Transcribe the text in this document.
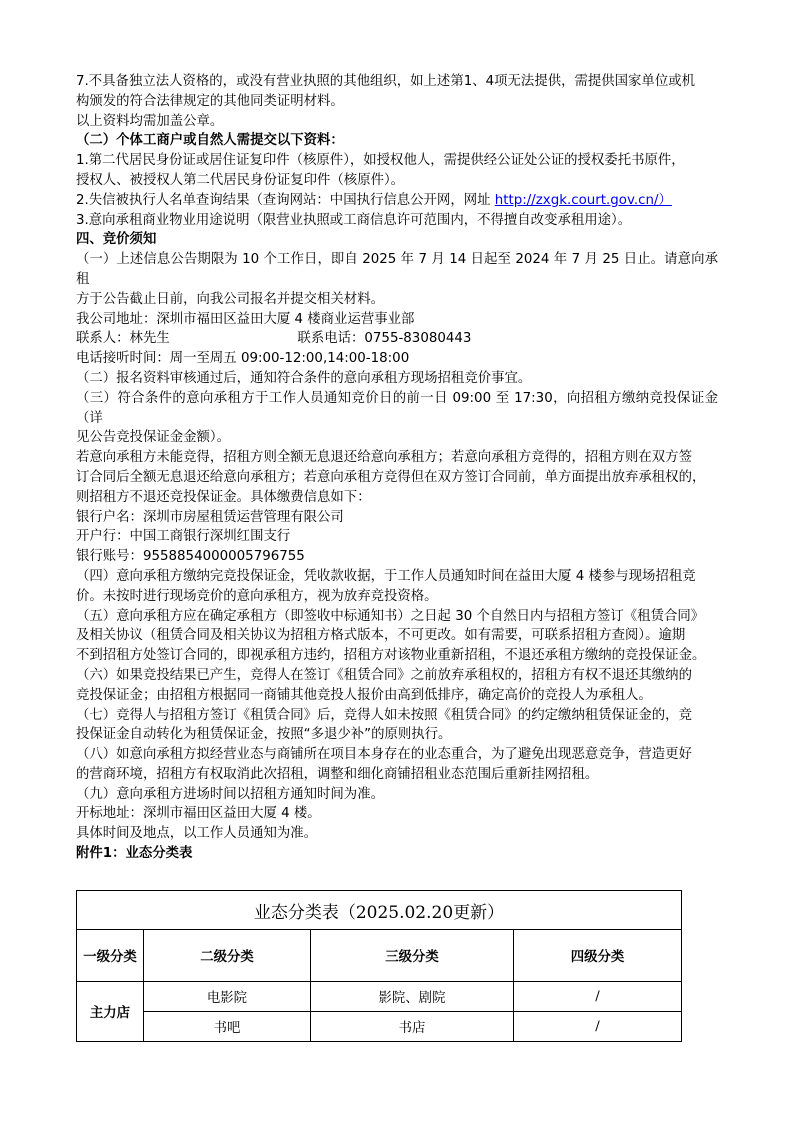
7.不具备独立法人资格的，或没有营业执照的其他组织，如上述第1、4项无法提供，需提供国家单位或机
构颁发的符合法律规定的其他同类证明材料。
以上资料均需加盖公章。
（二）个体工商户或自然人需提交以下资料：
1.第二代居民身份证或居住证复印件（核原件），如授权他人，需提供经公证处公证的授权委托书原件，
授权人、被授权人第二代居民身份证复印件（核原件）。
2.失信被执行人名单查询结果（查询网站：中国执行信息公开网，网址 http://zxgk.court.gov.cn/）
3.意向承租商业物业用途说明（限营业执照或工商信息许可范围内，不得擅自改变承租用途）。
四、竞价须知
（一）上述信息公告期限为 10 个工作日，即自 2025 年 7 月 14 日起至 2024 年 7 月 25 日止。请意向承租
方于公告截止日前，向我公司报名并提交相关材料。
我公司地址：深圳市福田区益田大厦 4 楼商业运营事业部
联系人：林先生                              联系电话：0755-83080443
电话接听时间：周一至周五 09:00-12:00,14:00-18:00
（二）报名资料审核通过后，通知符合条件的意向承租方现场招租竞价事宜。
（三）符合条件的意向承租方于工作人员通知竞价日的前一日 09:00 至 17:30，向招租方缴纳竞投保证金（详
见公告竞投保证金金额）。
若意向承租方未能竞得，招租方则全额无息退还给意向承租方；若意向承租方竞得的，招租方则在双方签
订合同后全额无息退还给意向承租方；若意向承租方竞得但在双方签订合同前，单方面提出放弃承租权的，
则招租方不退还竞投保证金。具体缴费信息如下：
银行户名：深圳市房屋租赁运营管理有限公司
开户行：中国工商银行深圳红围支行
银行账号：9558854000005796755
（四）意向承租方缴纳完竞投保证金，凭收款收据，于工作人员通知时间在益田大厦 4 楼参与现场招租竞
价。未按时进行现场竞价的意向承租方，视为放弃竞投资格。
（五）意向承租方应在确定承租方（即签收中标通知书）之日起 30 个自然日内与招租方签订《租赁合同》
及相关协议（租赁合同及相关协议为招租方格式版本，不可更改。如有需要，可联系招租方查阅）。逾期
不到招租方处签订合同的，即视承租方违约，招租方对该物业重新招租，不退还承租方缴纳的竞投保证金。
（六）如果竞投结果已产生，竞得人在签订《租赁合同》之前放弃承租权的，招租方有权不退还其缴纳的
竞投保证金；由招租方根据同一商铺其他竞投人报价由高到低排序，确定高价的竞投人为承租人。
（七）竞得人与招租方签订《租赁合同》后，竞得人如未按照《租赁合同》的约定缴纳租赁保证金的，竞
投保证金自动转化为租赁保证金，按照“多退少补”的原则执行。
（八）如意向承租方拟经营业态与商铺所在项目本身存在的业态重合，为了避免出现恶意竞争，营造更好
的营商环境，招租方有权取消此次招租，调整和细化商铺招租业态范围后重新挂网招租。
（九）意向承租方进场时间以招租方通知时间为准。
开标地址：深圳市福田区益田大厦 4 楼。
具体时间及地点，以工作人员通知为准。
附件1：业态分类表
业态分类表（2025.02.20更新）			
一级分类	二级分类	三级分类	四级分类
主力店	电影院	影院、剧院	/
	书吧	书店	/
